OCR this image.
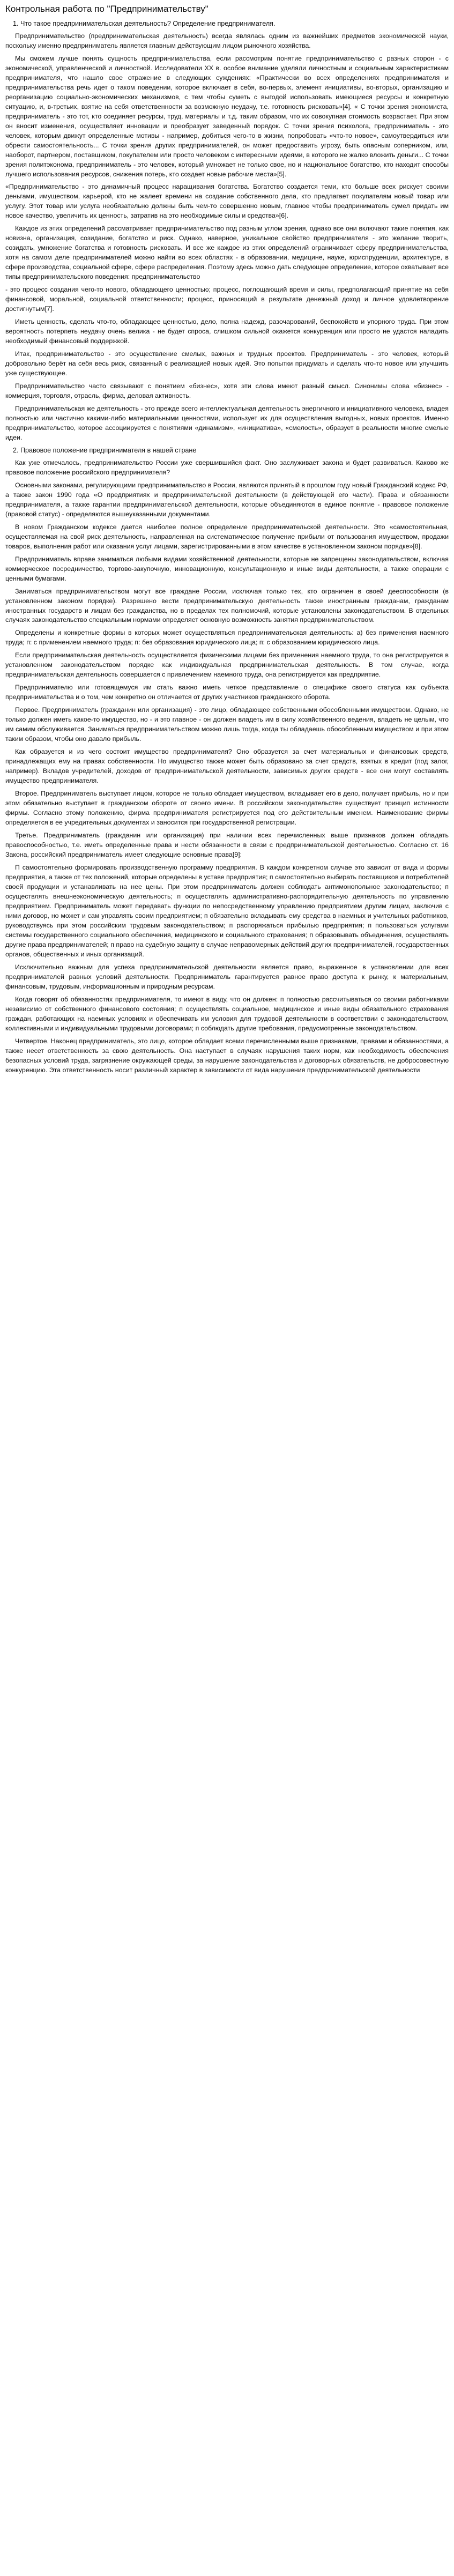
Контрольная работа по "Предпринимательству"
1. Что такое предпринимательская деятельность? Определение предпринимателя.

Предпринимательство (предпринимательская деятельность) всегда являлась одним из важнейших предметов экономической науки, поскольку именно предприниматель является главным действующим лицом рыночного хозяйства.

Мы сможем лучше понять сущность предпринимательства, если рассмотрим понятие предпринимательство с разных сторон - с экономической, управленческой и личностной. Исследователи XX в. особое внимание уделяли личностным и социальным характеристикам предпринимателя, что нашло свое отражение в следующих суждениях: «Практически во всех определениях предпринимателя и предпринимательства речь идет о таком поведении, которое включает в себя, во-первых, элемент инициативы, во-вторых, организацию и реорганизацию социально-экономических механизмов, с тем чтобы суметь с выгодой использовать имеющиеся ресурсы и конкретную ситуацию, и, в-третьих, взятие на себя ответственности за возможную неудачу, т.е. готовность рисковать»[4]. « С точки зрения экономиста, предприниматель - это тот, кто соединяет ресурсы, труд, материалы и т.д. таким образом, что их совокупная стоимость возрастает. При этом он вносит изменения, осуществляет инновации и преобразует заведенный порядок. С точки зрения психолога, предприниматель - это человек, которым движут определенные мотивы - например, добиться чего-то в жизни, попробовать «что-то новое», самоутвердиться или обрести самостоятельность... С точки зрения других предпринимателей, он может предоставить угрозу, быть опасным соперником, или, наоборот, партнером, поставщиком, покупателем или просто человеком с интересными идеями, в которого не жалко вложить деньги... С точки зрения политэконома, предприниматель - это человек, который умножает не только свое, но и национальное богатство, кто находит способы лучшего использования ресурсов, снижения потерь, кто создает новые рабочие места»[5].

«Предпринимательство - это динамичный процесс наращивания богатства. Богатство создается теми, кто больше всех рискует своими деньгами, имуществом, карьерой, кто не жалеет времени на создание собственного дела, кто предлагает покупателям новый товар или услугу. Этот товар или услуга необязательно должны быть чем-то совершенно новым, главное чтобы предприниматель сумел придать им новое качество, увеличить их ценность, затратив на это необходимые силы и средства»[6].

Каждое из этих определений рассматривает предпринимательство под разным углом зрения, однако все они включают такие понятия, как новизна, организация, созидание, богатство и риск. Однако, наверное, уникальное свойство предпринимателя - это желание творить, созидать, умножение богатства и готовность рисковать. И все же каждое из этих определений ограничивает сферу предпринимательства, хотя на самом деле предпринимателей можно найти во всех областях - в образовании, медицине, науке, юриспруденции, архитектуре, в сфере производства, социальной сфере, сфере распределения. Поэтому здесь можно дать следующее определение, которое охватывает все типы предпринимательского поведения: предпринимательство

- это процесс создания чего-то нового, обладающего ценностью; процесс, поглощающий время и силы, предполагающий принятие на себя финансовой, моральной, социальной ответственности; процесс, приносящий в результате денежный доход и личное удовлетворение достигнутым[7].

Иметь ценность, сделать что-то, обладающее ценностью, дело, полна надежд, разочарований, беспокойств и упорного труда. При этом вероятность потерпеть неудачу очень велика - не будет спроса, слишком сильной окажется конкуренция или просто не удастся наладить необходимый финансовый поддержкой.

Итак, предпринимательство - это осуществление смелых, важных и трудных проектов. Предприниматель - это человек, который добровольно берёт на себя весь риск, связанный с реализацией новых идей. Это попытки придумать и сделать что-то новое или улучшить уже существующее.

Предпринимательство часто связывают с понятием «бизнес», хотя эти слова имеют разный смысл. Синонимы слова «бизнес» - коммерция, торговля, отрасль, фирма, деловая активность.

Предпринимательская же деятельность - это прежде всего интеллектуальная деятельность энергичного и инициативного человека, владея полностью или частично какими-либо материальными ценностями, использует их для осуществления выгодных, новых проектов. Именно предпринимательство, которое ассоциируется с понятиями «динамизм», «инициатива», «смелость», образует в реальности многие смелые идеи.

2. Правовое положение предпринимателя в нашей стране

Как уже отмечалось, предпринимательство России уже свершившийся факт. Оно заслуживает закона и будет развиваться. Каково же правовое положение российского предпринимателя?

Основными законами, регулирующими предпринимательство в России, являются принятый в прошлом году новый Гражданский кодекс РФ, а также закон 1990 года «О предприятиях и предпринимательской деятельности (в действующей его части). Права и обязанности предпринимателя, а также гарантии предпринимательской деятельности, которые объединяются в единое понятие - правовое положение (правовой статус) - определяются вышеуказанными документами.

В новом Гражданском кодексе дается наиболее полное определение предпринимательской деятельности. Это «самостоятельная, осуществляемая на свой риск деятельность, направленная на систематическое получение прибыли от пользования имуществом, продажи товаров, выполнения работ или оказания услуг лицами, зарегистрированными в этом качестве в установленном законом порядке»[8].

Предприниматель вправе заниматься любыми видами хозяйственной деятельности, которые не запрещены законодательством, включая коммерческое посредничество, торгово-закупочную, инновационную, консультационную и иные виды деятельности, а также операции с ценными бумагами.

Заниматься предпринимательством могут все граждане России, исключая только тех, кто ограничен в своей дееспособности (в установленном законом порядке). Разрешено вести предпринимательскую деятельность также иностранным гражданам, гражданам иностранных государств и лицам без гражданства, но в пределах тех полномочий, которые установлены законодательством. В отдельных случаях законодательство специальным нормами определяет основную возможность занятия предпринимательством.

Определены и конкретные формы в которых может осуществляться предпринимательская деятельность: а) без применения наемного труда; п: с применением наемного труда; п: без образования юридического лица; п: с образованием юридического лица.

Если предпринимательская деятельность осуществляется физическими лицами без применения наемного труда, то она регистрируется в установленном законодательством порядке как индивидуальная предпринимательская деятельность. В том случае, когда предпринимательская деятельность совершается с привлечением наемного труда, она регистрируется как предприятие.

Предпринимателю или готовящемуся им стать важно иметь четкое представление о специфике своего статуса как субъекта предпринимательства и о том, чем конкретно он отличается от других участников гражданского оборота.

Первое. Предприниматель (гражданин или организация) - это лицо, обладающее собственными обособленными имуществом. Однако, не только должен иметь какое-то имущество, но - и это главное - он должен владеть им в силу хозяйственного ведения, владеть не целым, что им самим обслуживается. Заниматься предпринимательством можно лишь тогда, когда ты обладаешь обособленным имуществом и при этом таким образом, чтобы оно давало прибыль.

Как образуется и из чего состоит имущество предпринимателя? Оно образуется за счет материальных и финансовых средств, принадлежащих ему на правах собственности. Но имущество также может быть образовано за счет средств, взятых в кредит (под залог, например). Вкладов учредителей, доходов от предпринимательской деятельности, зависимых других средств - все они могут составлять имущество предпринимателя.

Второе. Предприниматель выступает лицом, которое не только обладает имуществом, вкладывает его в дело, получает прибыль, но и при этом обязательно выступает в гражданском обороте от своего имени. В российском законодательстве существует принцип истинности фирмы. Согласно этому положению, фирма предпринимателя регистрируется под его действительным именем. Наименование фирмы определяется в ее учредительных документах и заносится при государственной регистрации.

Третье. Предприниматель (гражданин или организация) при наличии всех перечисленных выше признаков должен обладать правоспособностью, т.е. иметь определенные права и нести обязанности в связи с предпринимательской деятельностью. Согласно ст. 16 Закона, российский предприниматель имеет следующие основные права[9]:

П самостоятельно формировать производственную программу предприятия. В каждом конкретном случае это зависит от вида и формы предприятия, а также от тех положений, которые определены в уставе предприятия; п самостоятельно выбирать поставщиков и потребителей своей продукции и устанавливать на нее цены. При этом предприниматель должен соблюдать антимонопольное законодательство; п осуществлять внешнеэкономическую деятельность; п осуществлять административно-распорядительную деятельность по управлению предприятием. Предприниматель может передавать функции по непосредственному управлению предприятием другим лицам, заключив с ними договор, но может и сам управлять своим предприятием; п обязательно вкладывать ему средства в наемных и учительных работников, руководствуясь при этом российским трудовым законодательством; п распоряжаться прибылью предприятия; п пользоваться услугами системы государственного социального обеспечения, медицинского и социального страхования; п образовывать объединения, осуществлять другие права предпринимателей; п право на судебную защиту в случае неправомерных действий других предпринимателей, государственных органов, общественных и иных организаций.

Исключительно важным для успеха предпринимательской деятельности является право, выраженное в установлении для всех предпринимателей равных условий деятельности. Предприниматель гарантируется равное право доступа к рынку, к материальным, финансовым, трудовым, информационным и природным ресурсам.

Когда говорят об обязанностях предпринимателя, то имеют в виду, что он должен: п полностью рассчитываться со своими работниками независимо от собственного финансового состояния; п осуществлять социальное, медицинское и иные виды обязательного страхования граждан, работающих на наемных условиях и обеспечивать им условия для трудовой деятельности в соответствии с законодательством, коллективными и индивидуальными трудовыми договорами; п соблюдать другие требования, предусмотренные законодательством.

Четвертое. Наконец предприниматель, это лицо, которое обладает всеми перечисленными выше признаками, правами и обязанностями, а также несет ответственность за свою деятельность. Она наступает в случаях нарушения таких норм, как необходимость обеспечения безопасных условий труда, загрязнение окружающей среды, за нарушение законодательства и договорных обязательств, не добросовестную конкуренцию. Эта ответственность носит различный характер в зависимости от вида нарушения предпринимательской деятельности
